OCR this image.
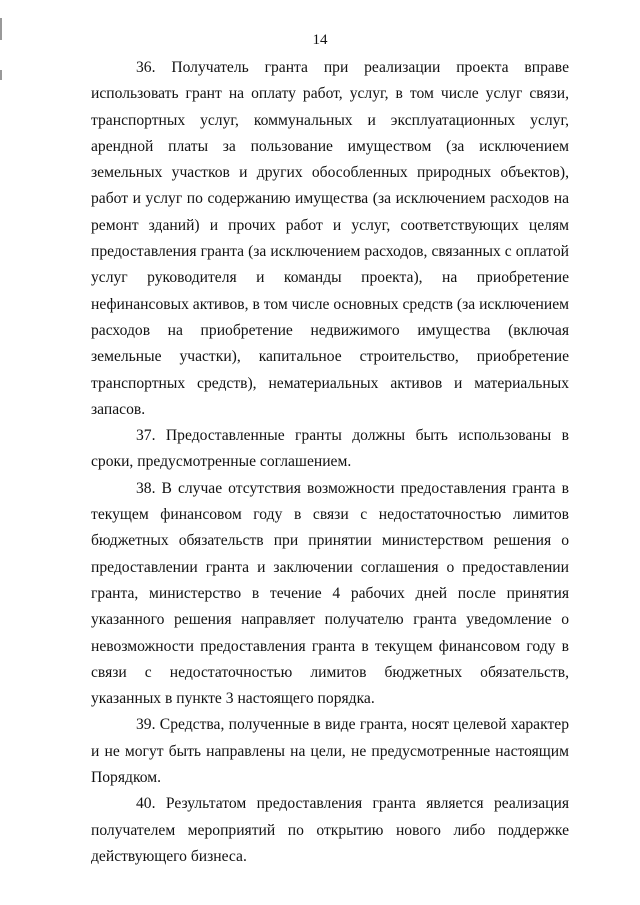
14

36. Получатель гранта при реализации проекта вправе использовать грант на оплату работ, услуг, в том числе услуг связи, транспортных услуг, коммунальных и эксплуатационных услуг, арендной платы за пользование имуществом (за исключением земельных участков и других обособленных природных объектов), работ и услуг по содержанию имущества (за исключением расходов на ремонт зданий) и прочих работ и услуг, соответствующих целям предоставления гранта (за исключением расходов, связанных с оплатой услуг руководителя и команды проекта), на приобретение нефинансовых активов, в том числе основных средств (за исключением расходов на приобретение недвижимого имущества (включая земельные участки), капитальное строительство, приобретение транспортных средств), нематериальных активов и материальных запасов.

37. Предоставленные гранты должны быть использованы в сроки, предусмотренные соглашением.

38. В случае отсутствия возможности предоставления гранта в текущем финансовом году в связи с недостаточностью лимитов бюджетных обязательств при принятии министерством решения о предоставлении гранта и заключении соглашения о предоставлении гранта, министерство в течение 4 рабочих дней после принятия указанного решения направляет получателю гранта уведомление о невозможности предоставления гранта в текущем финансовом году в связи с недостаточностью лимитов бюджетных обязательств, указанных в пункте 3 настоящего порядка.

39. Средства, полученные в виде гранта, носят целевой характер и не могут быть направлены на цели, не предусмотренные настоящим Порядком.

40. Результатом предоставления гранта является реализация получателем мероприятий по открытию нового либо поддержке действующего бизнеса.
